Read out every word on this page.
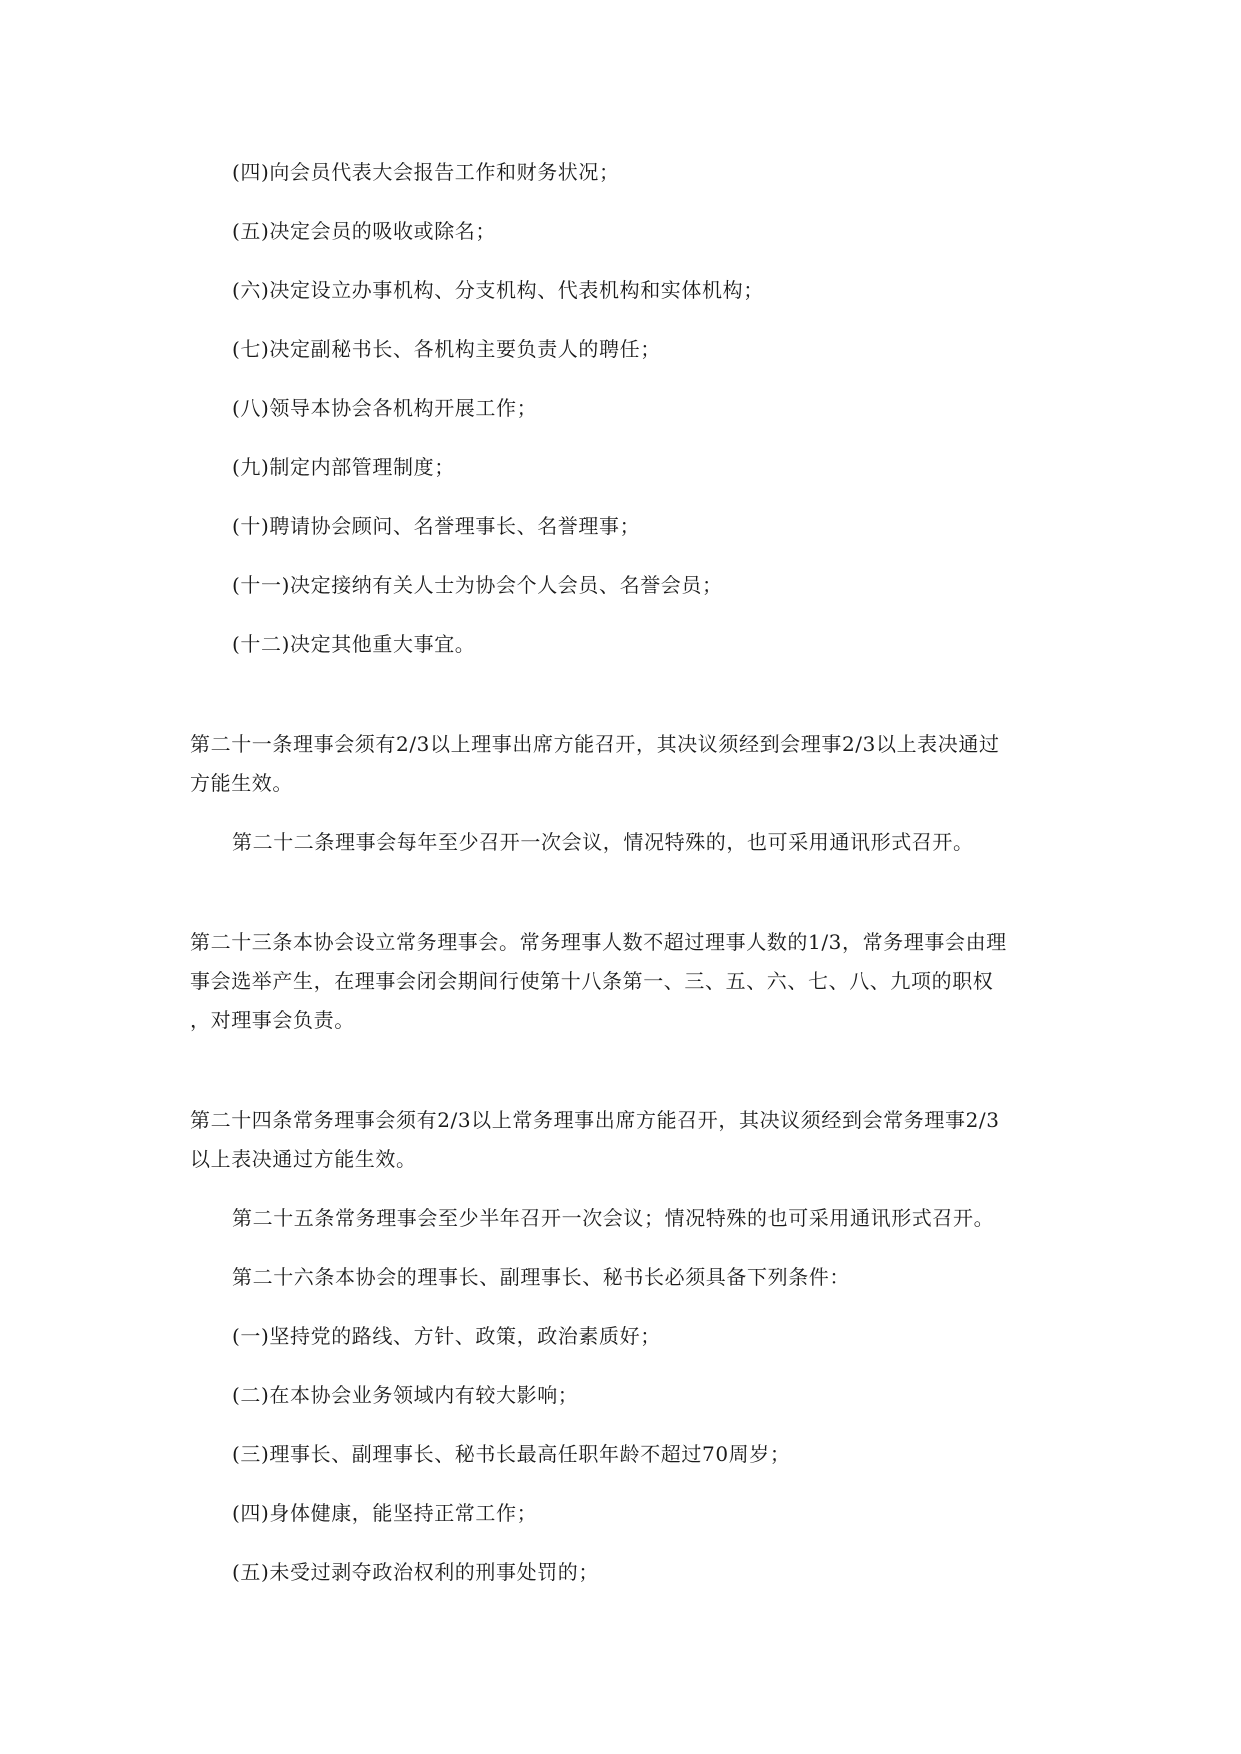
(四)向会员代表大会报告工作和财务状况；
(五)决定会员的吸收或除名；
(六)决定设立办事机构、分支机构、代表机构和实体机构；
(七)决定副秘书长、各机构主要负责人的聘任；
(八)领导本协会各机构开展工作；
(九)制定内部管理制度；
(十)聘请协会顾问、名誉理事长、名誉理事；
(十一)决定接纳有关人士为协会个人会员、名誉会员；
(十二)决定其他重大事宜。
第二十一条理事会须有2/3以上理事出席方能召开，其决议须经到会理事2/3以上表决通过
方能生效。
第二十二条理事会每年至少召开一次会议，情况特殊的，也可采用通讯形式召开。
第二十三条本协会设立常务理事会。常务理事人数不超过理事人数的1/3，常务理事会由理
事会选举产生，在理事会闭会期间行使第十八条第一、三、五、六、七、八、九项的职权
，对理事会负责。
第二十四条常务理事会须有2/3以上常务理事出席方能召开，其决议须经到会常务理事2/3
以上表决通过方能生效。
第二十五条常务理事会至少半年召开一次会议；情况特殊的也可采用通讯形式召开。
第二十六条本协会的理事长、副理事长、秘书长必须具备下列条件：
(一)坚持党的路线、方针、政策，政治素质好；
(二)在本协会业务领域内有较大影响；
(三)理事长、副理事长、秘书长最高任职年龄不超过70周岁；
(四)身体健康，能坚持正常工作；
(五)未受过剥夺政治权利的刑事处罚的；
